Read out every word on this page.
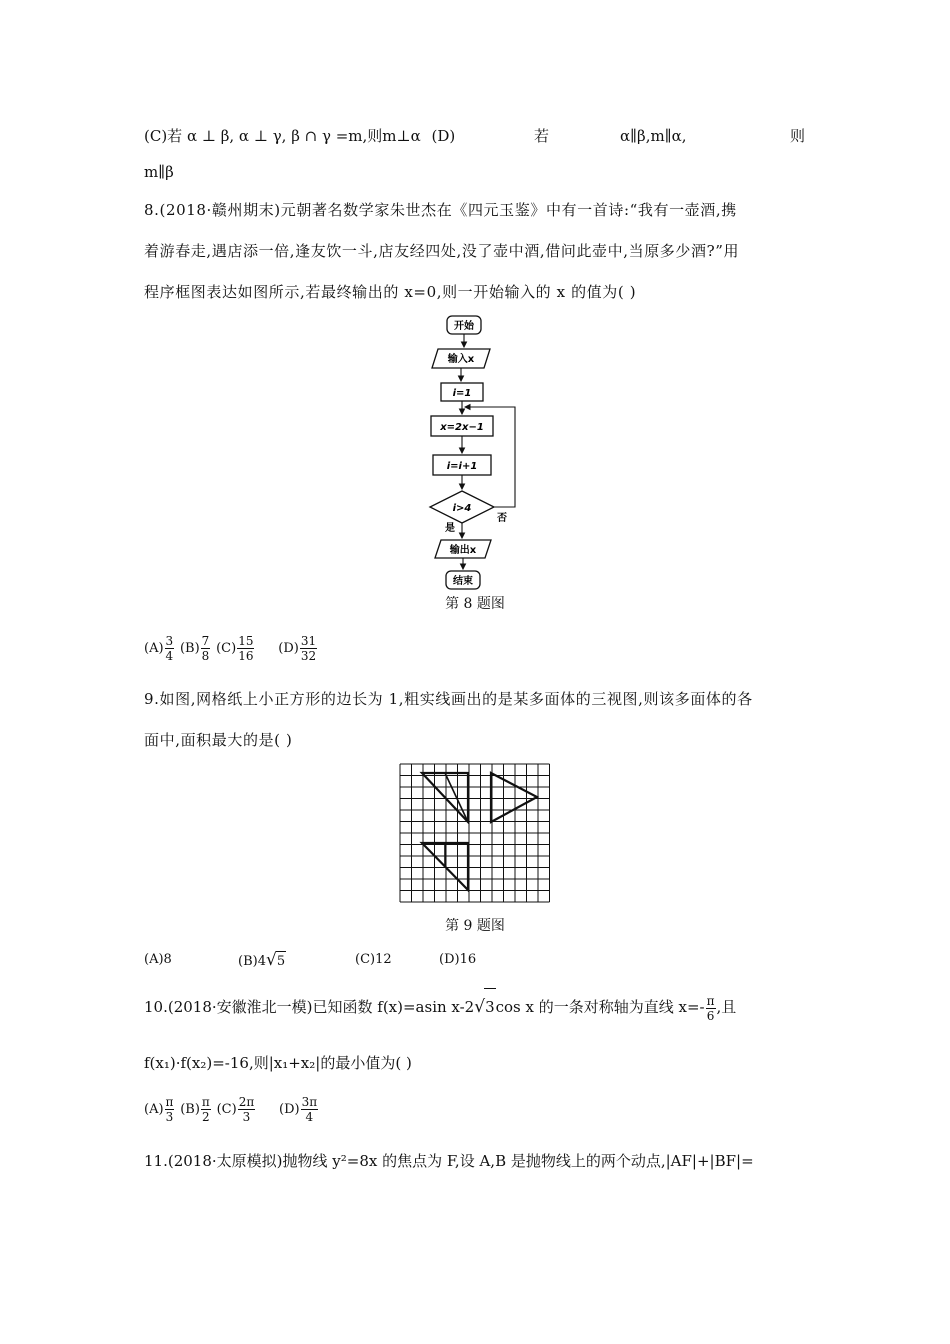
(C)若 α ⊥ β, α ⊥ γ, β ∩ γ =m,则m⊥α (D)	若	α∥β,m∥α,	则
m∥β
8.(2018·赣州期末)元朝著名数学家朱世杰在《四元玉鉴》中有一首诗:“我有一壶酒,携
着游春走,遇店添一倍,逢友饮一斗,店友经四处,没了壶中酒,借问此壶中,当原多少酒?”用
程序框图表达如图所示,若最终输出的 x=0,则一开始输入的 x 的值为( )
开始
输入x
i=1
x=2x−1
i=i+1
i>4
否
是
输出x
结束
第 8 题图
$(A) \frac{3}{4} (B) \frac{7}{8} (C) \frac{15}{16} (D) \frac{31}{32}$
9.如图,网格纸上小正方形的边长为 1,粗实线画出的是某多面体的三视图,则该多面体的各
面中,面积最大的是( )
第 9 题图
(A)8	(B)4√5	(C)12	(D)16
10.(2018·安徽淮北一模)已知函数 f(x)=asin x-2√3cos x 的一条对称轴为直线 $x=- \frac{\pi}{6}$ ,且
f(x₁)·f(x₂)=-16,则|x₁+x₂|的最小值为( )
$(A) \frac{\pi}{3} (B) \frac{\pi}{2} (C) \frac{2\pi}{3} (D) \frac{3\pi}{4}$
11.(2018·太原模拟)抛物线 y²=8x 的焦点为 F,设 A,B 是抛物线上的两个动点,|AF|+|BF|=
